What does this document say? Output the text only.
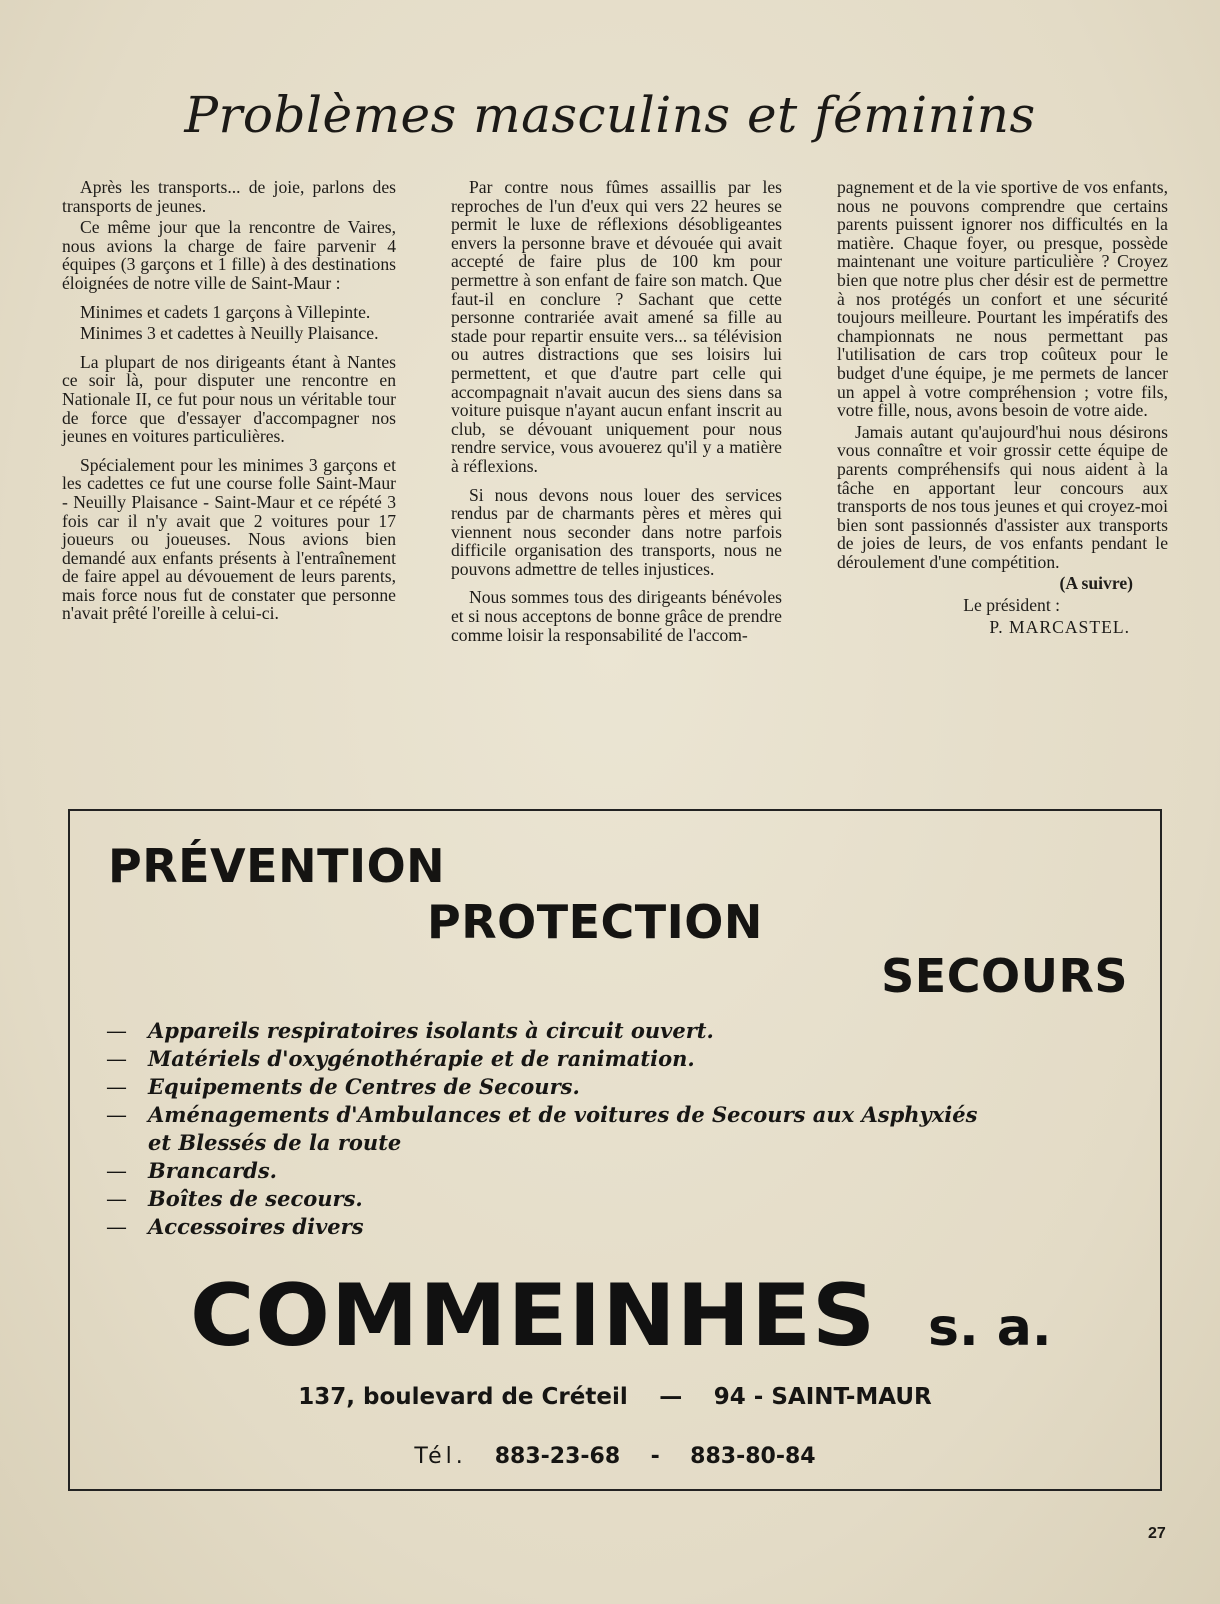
Problèmes masculins et féminins

Après les transports... de joie, parlons des transports de jeunes.

Ce même jour que la rencontre de Vaires, nous avions la charge de faire parvenir 4 équipes (3 garçons et 1 fille) à des destinations éloignées de notre ville de Saint-Maur :

Minimes et cadets 1 garçons à Villepinte.

Minimes 3 et cadettes à Neuilly Plaisance.

La plupart de nos dirigeants étant à Nantes ce soir là, pour disputer une rencontre en Nationale II, ce fut pour nous un véritable tour de force que d'essayer d'accompagner nos jeunes en voitures particulières.

Spécialement pour les minimes 3 garçons et les cadettes ce fut une course folle Saint-Maur - Neuilly Plaisance - Saint-Maur et ce répété 3 fois car il n'y avait que 2 voitures pour 17 joueurs ou joueuses. Nous avions bien demandé aux enfants présents à l'entraînement de faire appel au dévouement de leurs parents, mais force nous fut de constater que personne n'avait prêté l'oreille à celui-ci.

Par contre nous fûmes assaillis par les reproches de l'un d'eux qui vers 22 heures se permit le luxe de réflexions désobligeantes envers la personne brave et dévouée qui avait accepté de faire plus de 100 km pour permettre à son enfant de faire son match. Que faut-il en conclure ? Sachant que cette personne contrariée avait amené sa fille au stade pour repartir ensuite vers... sa télévision ou autres distractions que ses loisirs lui permettent, et que d'autre part celle qui accompagnait n'avait aucun des siens dans sa voiture puisque n'ayant aucun enfant inscrit au club, se dévouant uniquement pour nous rendre service, vous avouerez qu'il y a matière à réflexions.

Si nous devons nous louer des services rendus par de charmants pères et mères qui viennent nous seconder dans notre parfois difficile organisation des transports, nous ne pouvons admettre de telles injustices.

Nous sommes tous des dirigeants bénévoles et si nous acceptons de bonne grâce de prendre comme loisir la responsabilité de l'accom-

pagnement et de la vie sportive de vos enfants, nous ne pouvons comprendre que certains parents puissent ignorer nos difficultés en la matière. Chaque foyer, ou presque, possède maintenant une voiture particulière ? Croyez bien que notre plus cher désir est de permettre à nos protégés un confort et une sécurité toujours meilleure. Pourtant les impératifs des championnats ne nous permettant pas l'utilisation de cars trop coûteux pour le budget d'une équipe, je me permets de lancer un appel à votre compréhension ; votre fils, votre fille, nous, avons besoin de votre aide.

Jamais autant qu'aujourd'hui nous désirons vous connaître et voir grossir cette équipe de parents compréhensifs qui nous aident à la tâche en apportant leur concours aux transports de nos tous jeunes et qui croyez-moi bien sont passionnés d'assister aux transports de joies de leurs, de vos enfants pendant le déroulement d'une compétition.

(A suivre)

Le président :

P. MARCASTEL.

PRÉVENTION
PROTECTION
SECOURS
—	Appareils respiratoires isolants à circuit ouvert.
—	Matériels d'oxygénothérapie et de ranimation.
—	Equipements de Centres de Secours.
—	Aménagements d'Ambulances et de voitures de Secours aux Asphyxiés
et Blessés de la route
—	Brancards.
—	Boîtes de secours.
—	Accessoires divers
COMMEINHES s. a.
137, boulevard de Créteil — 94 - SAINT-MAUR
Tél. 883-23-68 - 883-80-84
27
